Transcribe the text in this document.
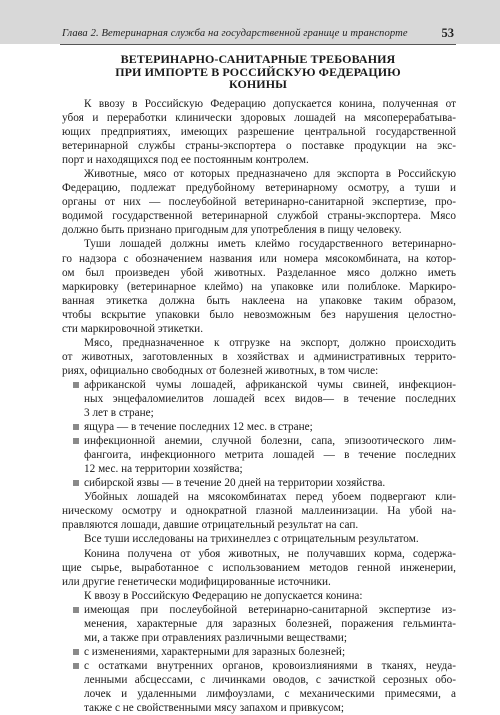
Глава 2. Ветеринарная служба на государственной границе и транспорте	53
ВЕТЕРИНАРНО-САНИТАРНЫЕ ТРЕБОВАНИЯ
ПРИ ИМПОРТЕ В РОССИЙСКУЮ ФЕДЕРАЦИЮ
КОНИНЫ
К ввозу в Российскую Федерацию допускается конина, полученная от
убоя и переработки клинически здоровых лошадей на мясоперерабатыва-
ющих предприятиях, имеющих разрешение центральной государственной
ветеринарной службы страны-экспортера о поставке продукции на экс-
порт и находящихся под ее постоянным контролем.
Животные, мясо от которых предназначено для экспорта в Российскую
Федерацию, подлежат предубойному ветеринарному осмотру, а туши и
органы от них — послеубойной ветеринарно-санитарной экспертизе, про-
водимой государственной ветеринарной службой страны-экспортера. Мясо
должно быть признано пригодным для употребления в пищу человеку.
Туши лошадей должны иметь клеймо государственного ветеринарно-
го надзора с обозначением названия или номера мясокомбината, на котор-
ом был произведен убой животных. Разделанное мясо должно иметь
маркировку (ветеринарное клеймо) на упаковке или полиблоке. Маркиро-
ванная этикетка должна быть наклеена на упаковке таким образом,
чтобы вскрытие упаковки было невозможным без нарушения целостно-
сти маркировочной этикетки.
Мясо, предназначенное к отгрузке на экспорт, должно происходить
от животных, заготовленных в хозяйствах и административных террито-
риях, официально свободных от болезней животных, в том числе:
африканской чумы лошадей, африканской чумы свиней, инфекцион-
ных энцефаломиелитов лошадей всех видов— в течение последних
3 лет в стране;
ящура — в течение последних 12 мес. в стране;
инфекционной анемии, случной болезни, сапа, эпизоотического лим-
фангоита, инфекционного метрита лошадей — в течение последних
12 мес. на территории хозяйства;
сибирской язвы — в течение 20 дней на территории хозяйства.
Убойных лошадей на мясокомбинатах перед убоем подвергают кли-
ническому осмотру и однократной глазной маллеинизации. На убой на-
правляются лошади, давшие отрицательный результат на сап.
Все туши исследованы на трихинеллез с отрицательным результатом.
Конина получена от убоя животных, не получавших корма, содержа-
щие сырье, выработанное с использованием методов генной инженерии,
или другие генетически модифицированные источники.
К ввозу в Российскую Федерацию не допускается конина:
имеющая при послеубойной ветеринарно-санитарной экспертизе из-
менения, характерные для заразных болезней, поражения гельминта-
ми, а также при отравлениях различными веществами;
с изменениями, характерными для заразных болезней;
с остатками внутренних органов, кровоизлияниями в тканях, неуда-
ленными абсцессами, с личинками оводов, с зачисткой серозных обо-
лочек и удаленными лимфоузлами, с механическими примесями, а
также с не свойственными мясу запахом и привкусом;
